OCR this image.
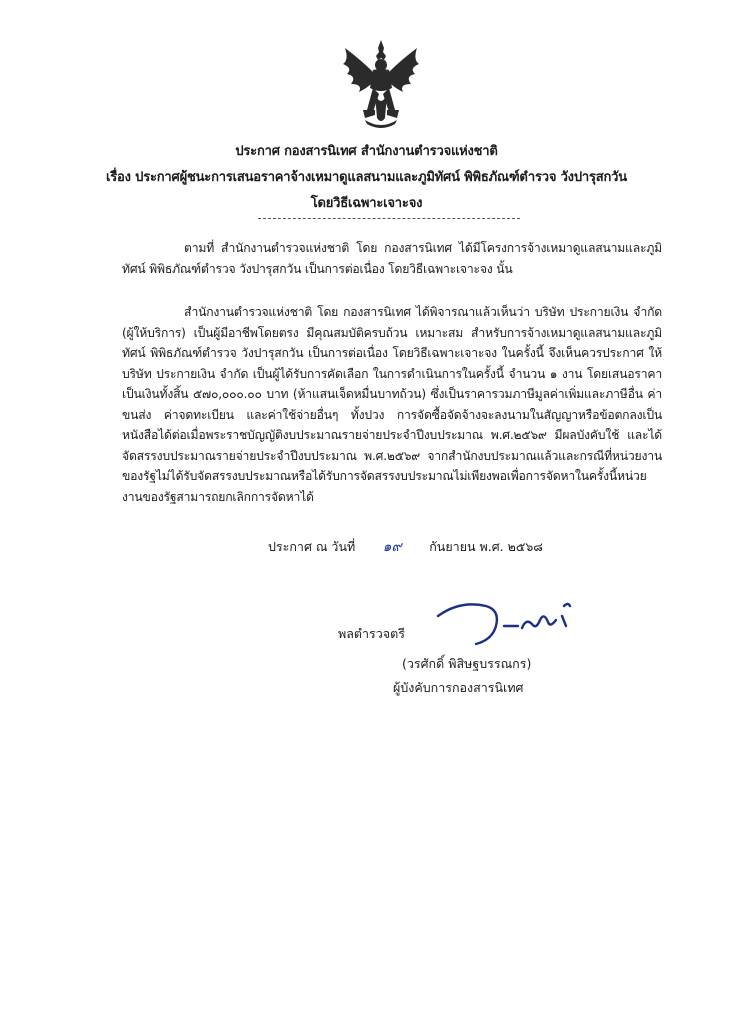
ประกาศ กองสารนิเทศ สำนักงานตำรวจแห่งชาติ
เรื่อง ประกาศผู้ชนะการเสนอราคาจ้างเหมาดูแลสนามและภูมิทัศน์ พิพิธภัณฑ์ตำรวจ วังปารุสกวัน
โดยวิธีเฉพาะเจาะจง
ตามที่ สำนักงานตำรวจแห่งชาติ โดย กองสารนิเทศ ได้มีโครงการจ้างเหมาดูแลสนามและภูมิทัศน์ พิพิธภัณฑ์ตำรวจ วังปารุสกวัน เป็นการต่อเนื่อง โดยวิธีเฉพาะเจาะจง นั้น
สำนักงานตำรวจแห่งชาติ โดย กองสารนิเทศ ได้พิจารณาแล้วเห็นว่า บริษัท ประกายเงิน จำกัด (ผู้ให้บริการ) เป็นผู้มีอาชีพโดยตรง มีคุณสมบัติครบถ้วน เหมาะสม สำหรับการจ้างเหมาดูแลสนามและภูมิทัศน์ พิพิธภัณฑ์ตำรวจ วังปารุสกวัน เป็นการต่อเนื่อง โดยวิธีเฉพาะเจาะจง ในครั้งนี้ จึงเห็นควรประกาศ ให้ บริษัท ประกายเงิน จำกัด เป็นผู้ได้รับการคัดเลือก ในการดำเนินการในครั้งนี้ จำนวน ๑ งาน โดยเสนอราคา เป็นเงินทั้งสิ้น ๕๗๐,๐๐๐.๐๐ บาท (ห้าแสนเจ็ดหมื่นบาทถ้วน) ซึ่งเป็นราคารวมภาษีมูลค่าเพิ่มและภาษีอื่น ค่าขนส่ง ค่าจดทะเบียน และค่าใช้จ่ายอื่นๆ ทั้งปวง การจัดซื้อจัดจ้างจะลงนามในสัญญาหรือข้อตกลงเป็นหนังสือได้ต่อเมื่อพระราชบัญญัติงบประมาณรายจ่ายประจำปีงบประมาณ พ.ศ.๒๕๖๙ มีผลบังคับใช้ และได้จัดสรรงบประมาณรายจ่ายประจำปีงบประมาณ พ.ศ.๒๕๖๙ จากสำนักงบประมาณแล้วและกรณีที่หน่วยงานของรัฐไม่ได้รับจัดสรรงบประมาณหรือได้รับการจัดสรรงบประมาณไม่เพียงพอเพื่อการจัดหาในครั้งนี้หน่วยงานของรัฐสามารถยกเลิกการจัดหาได้
ประกาศ ณ วันที่ ๑๙ กันยายน พ.ศ. ๒๕๖๘
พลตำรวจตรี
(วรศักดิ์ พิสิษฐบรรณกร)
ผู้บังคับการกองสารนิเทศ
